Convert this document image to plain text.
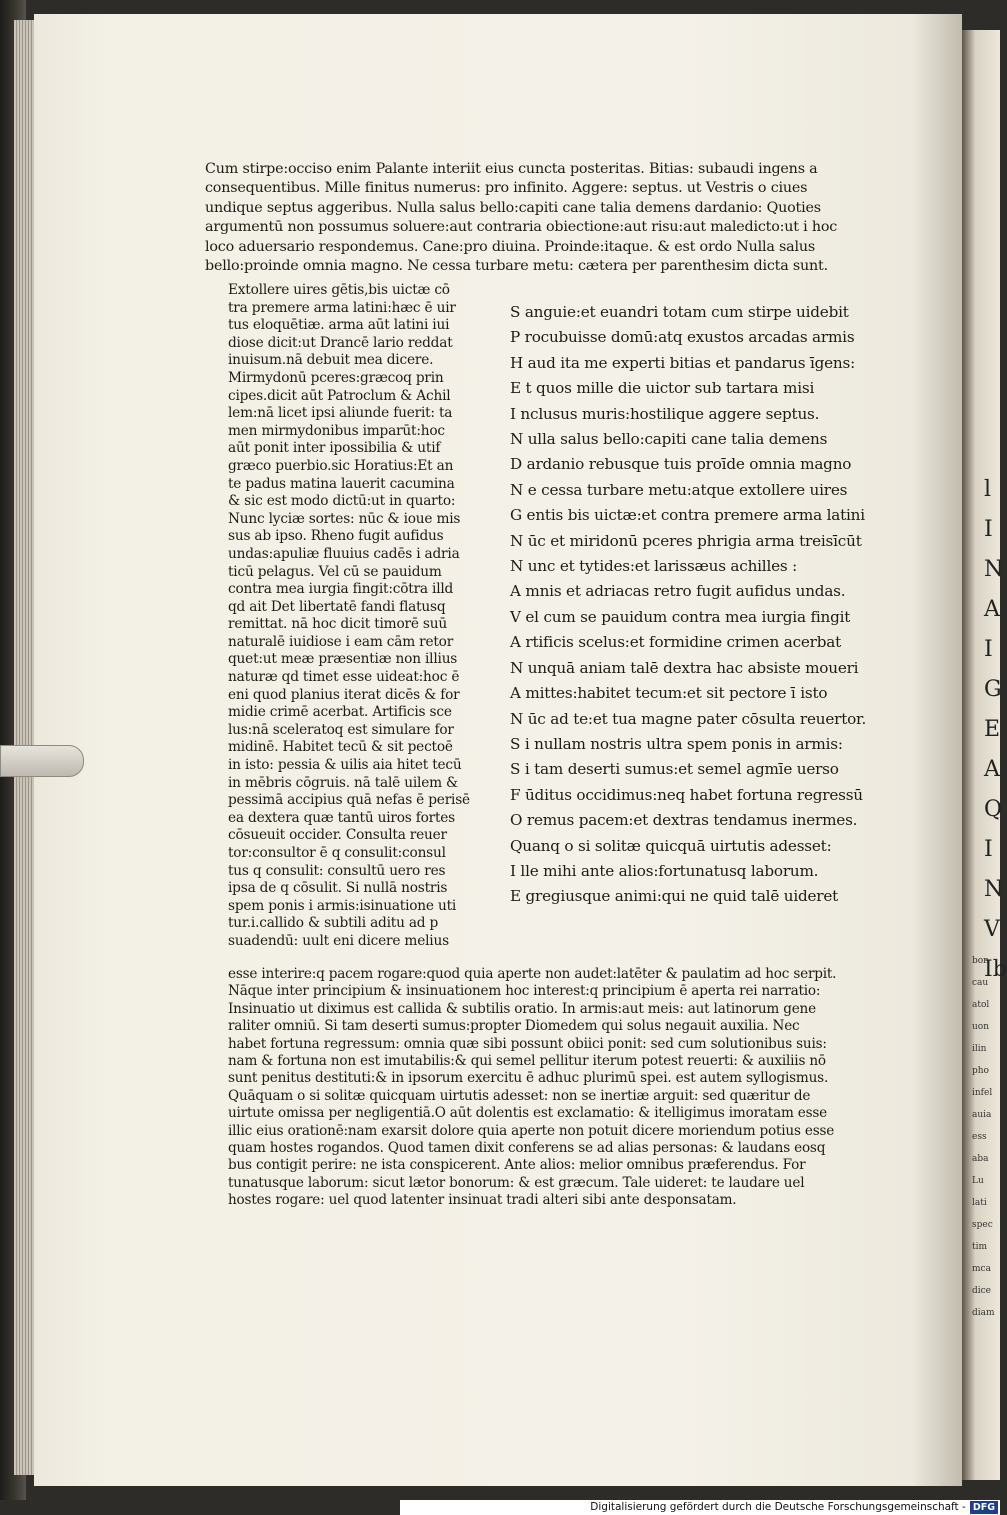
Cum stirpe:occiso enim Palante interiit eius cuncta posteritas. Bitias: subaudi ingens a

consequentibus. Mille finitus numerus: pro infinito. Aggere: septus. ut Vestris o ciues

undique septus aggeribus. Nulla salus bello:capiti cane talia demens dardanio: Quoties

argumentū non possumus soluere:aut contraria obiectione:aut risu:aut maledicto:ut i hoc

loco aduersario respondemus. Cane:pro diuina. Proinde:itaque. & est ordo Nulla salus

bello:proinde omnia magno. Ne cessa turbare metu: cætera per parenthesim dicta sunt.

Extollere uires gētis,bis uictæ cō

tra premere arma latini:hæc ē uir

tus eloquētiæ. arma aūt latini iui

diose dicit:ut Drancē lario reddat

inuisum.nā debuit mea dicere.

Mirmydonū pceres:græcoq prin

cipes.dicit aūt Patroclum & Achil

lem:nā licet ipsi aliunde fuerit: ta

men mirmydonibus imparūt:hoc

aūt ponit inter ipossibilia & utif

græco puerbio.sic Horatius:Et an

te padus matina lauerit cacumina

& sic est modo dictū:ut in quarto:

Nunc lyciæ sortes: nūc & ioue mis

sus ab ipso. Rheno fugit aufidus

undas:apuliæ fluuius cadēs i adria

ticū pelagus. Vel cū se pauidum

contra mea iurgia fingit:cōtra illd

qd ait Det libertatē fandi flatusq

remittat. nā hoc dicit timorē suū

naturalē iuidiose i eam cām retor

quet:ut meæ præsentiæ non illius

naturæ qd timet esse uideat:hoc ē

eni quod planius iterat dicēs & for

midie crimē acerbat. Artificis sce

lus:nā sceleratoq est simulare for

midinē. Habitet tecū & sit pectoē

in isto: pessia & uilis aia hitet tecū

in mēbris cōgruis. nā talē uilem &

pessimā accipius quā nefas ē perisē

ea dextera quæ tantū uiros fortes

cōsueuit occider. Consulta reuer

tor:consultor ē q consulit:consul

tus q consulit: consultū uero res

ipsa de q cōsulit. Si nullā nostris

spem ponis i armis:isinuatione uti

tur.i.callido & subtili aditu ad p

suadendū: uult eni dicere melius

S anguie:et euandri totam cum stirpe uidebit

P rocubuisse domū:atq exustos arcadas armis

H aud ita me experti bitias et pandarus īgens:

E t quos mille die uictor sub tartara misi

I nclusus muris:hostilique aggere septus.

N ulla salus bello:capiti cane talia demens

D ardanio rebusque tuis proīde omnia magno

N e cessa turbare metu:atque extollere uires

G entis bis uictæ:et contra premere arma latini

N ūc et miridonū pceres phrigia arma treisīcūt

N unc et tytides:et larissæus achilles :

A mnis et adriacas retro fugit aufidus undas.

V el cum se pauidum contra mea iurgia fingit

A rtificis scelus:et formidine crimen acerbat

N unquā aniam talē dextra hac absiste moueri

A mittes:habitet tecum:et sit pectore ī isto

N ūc ad te:et tua magne pater cōsulta reuertor.

S i nullam nostris ultra spem ponis in armis:

S i tam deserti sumus:et semel agmīe uerso

F ūditus occidimus:neq habet fortuna regressū

O remus pacem:et dextras tendamus inermes.

Quanq o si solitæ quicquā uirtutis adesset:

I lle mihi ante alios:fortunatusq laborum.

E gregiusque animi:qui ne quid talē uideret

esse interire:q pacem rogare:quod quia aperte non audet:latēter & paulatim ad hoc serpit.

Nāque inter principium & insinuationem hoc interest:q principium ē aperta rei narratio:

Insinuatio ut diximus est callida & subtilis oratio. In armis:aut meis: aut latinorum gene

raliter omniū. Si tam deserti sumus:propter Diomedem qui solus negauit auxilia. Nec

habet fortuna regressum: omnia quæ sibi possunt obiici ponit: sed cum solutionibus suis:

nam & fortuna non est imutabilis:& qui semel pellitur iterum potest reuerti: & auxiliis nō

sunt penitus destituti:& in ipsorum exercitu ē adhuc plurimū spei. est autem syllogismus.

Quāquam o si solitæ quicquam uirtutis adesset: non se inertiæ arguit: sed quæritur de

uirtute omissa per negligentiā.O aūt dolentis est exclamatio: & itelligimus imoratam esse

illic eius orationē:nam exarsit dolore quia aperte non potuit dicere moriendum potius esse

quam hostes rogandos. Quod tamen dixit conferens se ad alias personas: & laudans eosq

bus contigit perire: ne ista conspicerent. Ante alios: melior omnibus præferendus. For

tunatusque laborum: sicut lætor bonorum: & est græcum. Tale uideret: te laudare uel

hostes rogare: uel quod latenter insinuat tradi alteri sibi ante desponsatam.

l
I
N
A
I
G
E
A
Q
I
N
V
Ib
bon
cau
atol
uon
ilin
pho
infel
auia
ess
aba
Lu
lati
spec
tim
mca
dice
diam
Digitalisierung gefördert durch die Deutsche Forschungsgemeinschaft - DFG
